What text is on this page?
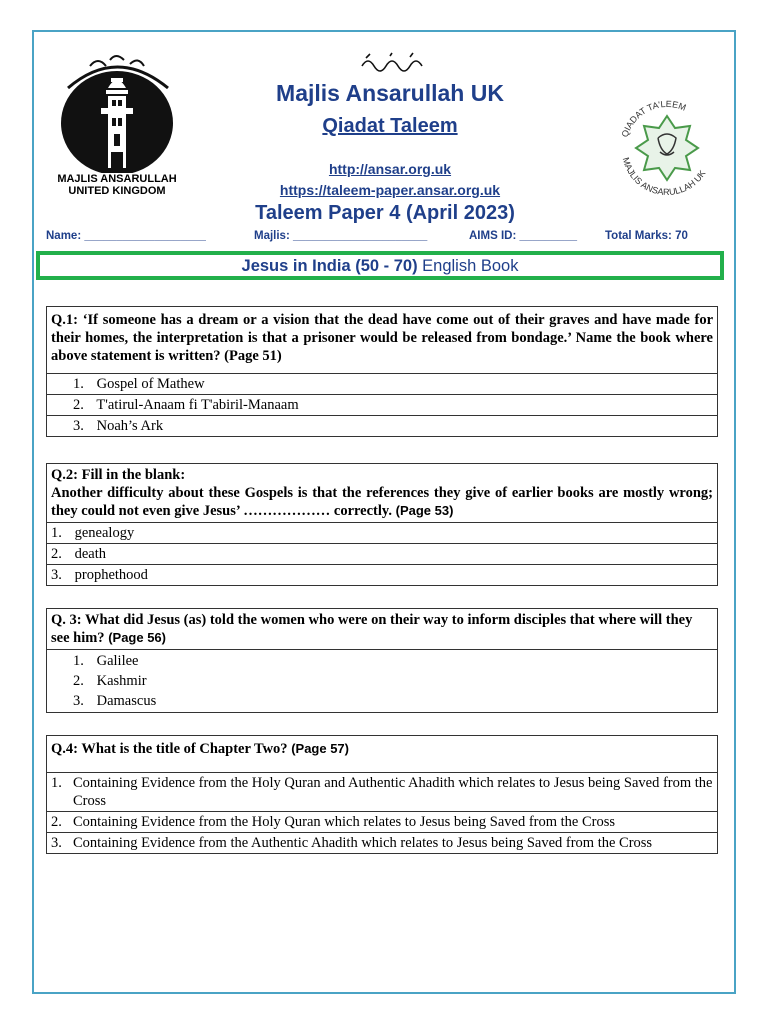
MAJLIS ANSARULLAH
UNITED KINGDOM
Majlis Ansarullah UK
Qiadat Taleem
http://ansar.org.uk
https://taleem-paper.ansar.org.uk
Taleem Paper 4 (April 2023)
QIADAT TA'LEEM
MAJLIS ANSARULLAH UK
Name: ___________________	Majlis: _____________________	AIMS ID: _________ Total Marks: 70
Jesus in India (50 - 70) English Book
Q.1: ‘If someone has a dream or a vision that the dead have come out of their graves and have made for their homes, the interpretation is that a prisoner would be released from bondage.’ Name the book where above statement is written? (Page 51)
1. Gospel of Mathew
2. T'atirul-Anaam fi T'abiril-Manaam
3. Noah’s Ark
Q.2: Fill in the blank:
Another difficulty about these Gospels is that the references they give of earlier books are mostly wrong; they could not even give Jesus’ ……………… correctly. (Page 53)
1. genealogy
2. death
3. prophethood
Q. 3: What did Jesus (as) told the women who were on their way to inform disciples that where will they see him? (Page 56)
1. Galilee
2. Kashmir
3. Damascus
Q.4: What is the title of Chapter Two? (Page 57)
1. Containing Evidence from the Holy Quran and Authentic Ahadith which relates to Jesus being Saved from the Cross
2. Containing Evidence from the Holy Quran which relates to Jesus being Saved from the Cross
3. Containing Evidence from the Authentic Ahadith which relates to Jesus being Saved from the Cross
